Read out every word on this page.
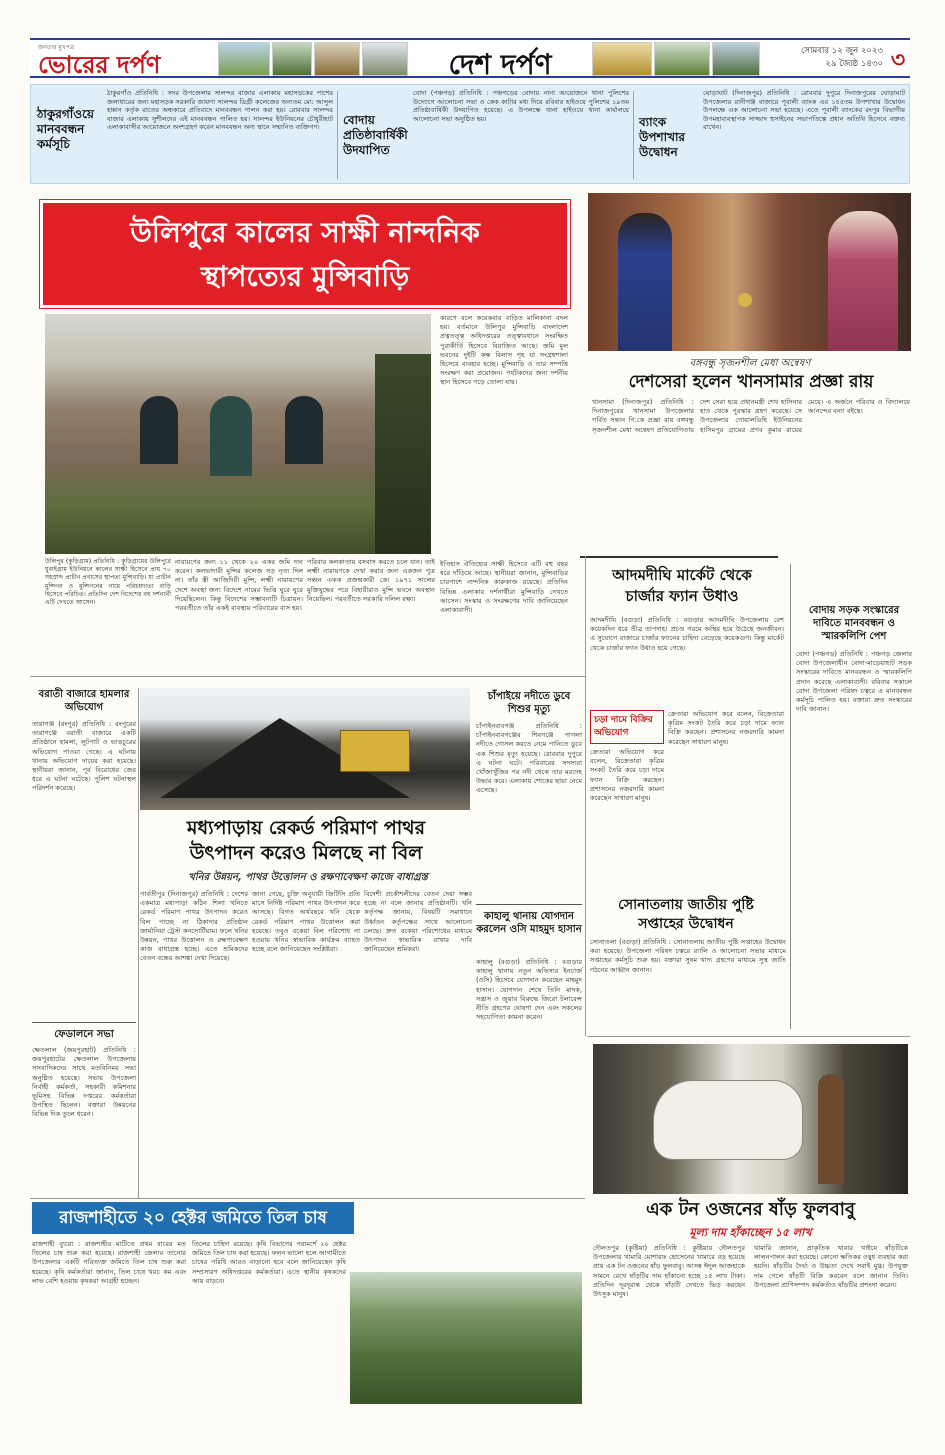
জনতার মুখপত্র
ভোরের দর্পণ	দেশ দর্পণ	সোমবার ১২ জুন ২০২৩
২৯ জ্যৈষ্ঠ ১৪৩০ ৩
ঠাকুরগাঁওয়ে মানববন্ধন কর্মসূচি
ঠাকুরগাঁও প্রতিনিধি : সদর উপজেলার সালন্দর বাজার এলাকায় মহাসড়কের পাশের জলাধারের জন্য মহাসড়ক সরকারি জায়গা সালন্দর ডিগ্রী কলেজের অন্যতম মো: আব্দুল হান্নান কর্তৃক রাতের অন্ধকারে প্রতিবাদে মানববন্ধন পালন করা হয়। রোববার সালন্দর বাজার এলাকায় সুশীলদের এই মানববন্ধন পালিত হয়। সালন্দর ইউনিয়নের চৌধুরীহাট এলাকাবাসীর আয়োজনে অংশগ্রহণ করেন মানববন্ধন অন্য স্থানে সম্মানিত ব্যক্তিগণ।
বোদায় প্রতিষ্ঠাবার্ষিকী উদযাপিত
বোদা (পঞ্চগড়) প্রতিনিধি : পঞ্চগড়ের বোদায় নানা আয়োজনে থানা পুলিশের উদ্যোগে আলোচনা সভা ও কেক কাটার মধ্য দিয়ে রবিবার হাইওয়ে পুলিশের ১৯তম প্রতিষ্ঠাবার্ষিকী উদযাপিত হয়েছে। এ উপলক্ষে থানা হাইওয়ে থানা কার্যালয়ে আলোচনা সভা অনুষ্ঠিত হয়।	ব্যাংক উপশাখার উদ্বোধন
ঘোড়াঘাট (দিনাজপুর) প্রতিনিধি : রোববার দুপুরে দিনাজপুরের ঘোড়াঘাট উপজেলার রানীগঞ্জ বাজারে পূবালী ব্যাংক এর ১৫৫তম উপশাখার উদ্বোধন উপলক্ষে এক আলোচনা সভা হয়েছে। এতে পূবালী ব্যাংকের রংপুর বিভাগীয় উপমহাব্যবস্থাপক সাজ্জাদ হুসাইনের সভাপতিত্বে প্রধান অতিথি হিসেবে বক্তব্য রাখেন।
উলিপুরে কালের সাক্ষী নান্দনিক
স্থাপত্যের মুন্সিবাড়ি
উলিপুর (কুড়িগ্রাম) প্রতিনিধি : কুড়িগ্রামের উলিপুরে যুবাইগ্রাম ইউনিয়নে কালের সাক্ষী হিসেবে প্রায় ৭০ সহস্রাব্দ প্রাচীন প্রবাসের স্থাপত্য মুন্সিবাড়ি। যা প্রাচীন মুন্সিগন ও মুন্সিগনের নামে পরিচয়দাতা বাড়ি হিসেবে পরিচিত। প্রতিদিন দেশ বিদেশের বহু দর্শনার্থী এটি দেখতে আসেন।
নারায়ণের জন্য ১১ থেকে ২০ একর জমি দান করেন। কলভাদারী মুন্সির কলেজ সড় নৃত্য দিল না। তাঁর স্ত্রী আজিদিরী মুন্সি, লক্ষ্মী নারায়ণের দেশে অবস্থা জন্য বিদেশে নামের ভিত্তি ঘুরে ঘুরে দিয়েছিলেন। কিন্তু বিদেশের সম্ভাবনাটি চিত্রায়ন। পরবর্তীতে তাঁর একই ব্যবস্থায় পরিবারের বাস হয়।
পরিবার কলকাতায় বসবাস করতে চলে যান। তাই লক্ষ্মী নারায়ণকে দেখা করার জন্য একজন পুত্র সন্তান একক প্রজন্মকারী কে। ১৯৭১ সালের মুক্তিযুদ্ধের পরে বিহারীরাও মুন্সি ভবনে অবস্থান নিয়েছিল। পরবর্তীতে সরকারি দলিল রক্ষা।
কারণে বলে কয়েকবার বাড়িত মালিকানা বদল হয়। বর্তমানে উলিপুর মুন্সিবাড়ি বাংলাদেশ প্রত্নতত্ত্ব অধিদপ্তরের তত্ত্বাবধানে সংরক্ষিত পুরাকীর্তি হিসেবে বিরাজিত আছে। জমি মুল ভবনের দুইটি কক্ষ বিলাস গৃহ যা সংগ্রহশালা হিসেবে ব্যবহার হচ্ছে। মুন্সিবাড়ি ও তার সম্পত্তি সংরক্ষণ করা প্রয়োজন। পর্যটকদের জন্য দর্শনীয় স্থান হিসেবে গড়ে তোলা যায়।
ইতিহাস ঐতিহ্যের সাক্ষী হিসেবে এটি বহু বছর ধরে দাঁড়িয়ে আছে। স্থানীয়রা জানান, মুন্সিবাড়ির চারপাশে নান্দনিক কারুকাজ রয়েছে। প্রতিদিন বিভিন্ন এলাকার দর্শনার্থীরা মুন্সিবাড়ি দেখতে আসেন। সংস্কার ও সংরক্ষণের দাবি জানিয়েছেন এলাকাবাসী।
বঙ্গবন্ধু সৃজনশীল মেধা অন্বেষণ
দেশসেরা হলেন খানসামার প্রজ্ঞা রায়
খানসামা (দিনাজপুর) প্রতিনিধি : দিনাজপুরের খানসামা উপজেলার গর্বিত সন্তান পি.কে প্রজ্ঞা রায় বঙ্গবন্ধু সৃজনশীল মেধা অন্বেষণ প্রতিযোগিতায় দেশ সেরা হয়ে প্রধানমন্ত্রী শেখ হাসিনার হাত থেকে পুরস্কার গ্রহণ করেছে। সে উপজেলার গোয়ালডিহি ইউনিয়নের হাসিমপুর গ্রামের প্রণব কুমার রায়ের মেয়ে। এ অর্জনে পরিবার ও বিদ্যালয়ে আনন্দের বন্যা বইছে।
আদমদীঘি মার্কেট থেকে
চার্জার ফ্যান উধাও
আদমদীঘি (বগুড়া) প্রতিনিধি : বগুড়ার আদমদীঘি উপজেলায় বেশ কয়েকদিন ধরে তীব্র তাপদাহ। প্রচণ্ড গরমে অস্থির হয়ে উঠেছে জনজীবন। এ সুযোগে বাজারে চার্জার ফ্যানের চাহিদা বেড়েছে কয়েকগুণ। কিন্তু মার্কেট থেকে চার্জার ফ্যান উধাও হয়ে গেছে।
চড়া দামে বিক্রির অভিযোগ
ক্রেতারা অভিযোগ করে বলেন, বিক্রেতারা কৃত্রিম সংকট তৈরি করে চড়া দামে ফ্যান বিক্রি করছেন। প্রশাসনের নজরদারি কামনা করেছেন সাধারণ মানুষ।
ক্রেতারা অভিযোগ করে বলেন, বিক্রেতারা কৃত্রিম সংকট তৈরি করে চড়া দামে ফ্যান বিক্রি করছেন। প্রশাসনের নজরদারি কামনা করেছেন সাধারণ মানুষ।
বোদায় সড়ক সংস্কারের দাবিতে মানববন্ধন ও স্মারকলিপি পেশ
বোদা (পঞ্চগড়) প্রতিনিধি : পঞ্চগড় জেলার বোদা উপজেলাধীন বোদা-মাড়েয়াহাট সড়ক সংস্কারের দাবিতে মানববন্ধন ও স্মারকলিপি প্রদান করেছে এলাকাবাসী। রবিবার সকালে বোদা উপজেলা পরিষদ চত্বরে এ মানববন্ধন কর্মসূচি পালিত হয়। বক্তারা দ্রুত সংস্কারের দাবি জানান।
বরাতী বাজারে হামলার অভিযোগ
তারাগঞ্জ (রংপুর) প্রতিনিধি : রংপুরের তারাগঞ্জে বরাতী বাজারে একটি প্রতিষ্ঠানে হামলা, লুটপাট ও ভাঙচুরের অভিযোগ পাওয়া গেছে। এ ঘটনায় থানায় অভিযোগ দায়ের করা হয়েছে। স্থানীয়রা জানান, পূর্ব বিরোধের জের ধরে এ ঘটনা ঘটেছে। পুলিশ ঘটনাস্থল পরিদর্শন করেছে।
ফেডালনে সভা
ক্ষেতলাল (জয়পুরহাট) প্রতিনিধি : জয়পুরহাটের ক্ষেতলাল উপজেলায় সাংবাদিকদের সাথে মতবিনিময় সভা অনুষ্ঠিত হয়েছে। সভায় উপজেলা নির্বাহী কর্মকর্তা, সহকারী কমিশনার ভূমিসহ বিভিন্ন দপ্তরের কর্মকর্তারা উপস্থিত ছিলেন। বক্তারা উন্নয়নের বিভিন্ন দিক তুলে ধরেন।
মধ্যপাড়ায় রেকর্ড পরিমাণ পাথর
উৎপাদন করেও মিলছে না বিল
খনির উন্নয়ন, পাথর উত্তোলন ও রক্ষণাবেক্ষণ কাজে বাধাগ্রস্ত
পার্বতীপুর (দিনাজপুর) প্রতিনিধি : দেশের একমাত্র মধ্যপাড়া কঠিন শিলা খনিতে রেকর্ড পরিমাণ পাথর উৎপাদন করেও বিল পাচ্ছে না ঠিকাদার প্রতিষ্ঠান জার্মানিয়া ট্রেস্ট কনসোর্টিয়াম। ফলে খনির উন্নয়ন, পাথর উত্তোলন ও রক্ষণাবেক্ষণ কাজ বাধাগ্রস্ত হচ্ছে। এতে শ্রমিকদের বেতন বন্ধের আশঙ্কা দেখা দিয়েছে।
জানা গেছে, চুক্তি অনুযায়ী জিটিসি প্রতি মাসে নির্দিষ্ট পরিমাণ পাথর উৎপাদন করে আসছে। বিগত অর্থবছরে খনি থেকে রেকর্ড পরিমাণ পাথর উত্তোলন করা হয়েছে। তবুও বকেয়া বিল পরিশোধ না হওয়ায় খনির স্বাভাবিক কার্যক্রম ব্যাহত হচ্ছে বলে জানিয়েছেন সংশ্লিষ্টরা।
বিদেশী প্রকৌশলীদের বেতন দেয়া সম্ভব হচ্ছে না বলে জানায় প্রতিষ্ঠানটি। খনি কর্তৃপক্ষ জানায়, বিষয়টি সমাধানে উর্ধ্বতন কর্তৃপক্ষের সাথে আলোচনা চলছে। দ্রুত বকেয়া পরিশোধের মাধ্যমে উৎপাদন স্বাভাবিক রাখার দাবি জানিয়েছেন শ্রমিকরা।
চাঁপাইয়ে নদীতে ডুবে শিশুর মৃত্যু
চাঁপাইনবাবগঞ্জ প্রতিনিধি : চাঁপাইনবাবগঞ্জের শিবগঞ্জে পাগলা নদীতে গোসল করতে নেমে পানিতে ডুবে এক শিশুর মৃত্যু হয়েছে। রোববার দুপুরে এ ঘটনা ঘটে। পরিবারের সদস্যরা খোঁজাখুঁজির পর নদী থেকে তার মরদেহ উদ্ধার করে। এলাকায় শোকের ছায়া নেমে এসেছে।
কাহালু থানায় যোগদান করলেন ওসি মাহমুদ হাসান
কাহালু (বগুড়া) প্রতিনিধি : বগুড়ার কাহালু থানায় নতুন অফিসার ইনচার্জ (ওসি) হিসেবে যোগদান করেছেন মাহমুদ হাসান। যোগদান শেষে তিনি মাদক, সন্ত্রাস ও জুয়ার বিরুদ্ধে জিরো টলারেন্স নীতি গ্রহণের ঘোষণা দেন এবং সকলের সহযোগিতা কামনা করেন।
সোনাতলায় জাতীয় পুষ্টি
সপ্তাহের উদ্বোধন
সোনাতলা (বগুড়া) প্রতিনিধি : সোনাতলায় জাতীয় পুষ্টি সপ্তাহের উদ্বোধন করা হয়েছে। উপজেলা পরিষদ চত্বরে র‍্যালি ও আলোচনা সভার মাধ্যমে সপ্তাহের কর্মসূচি শুরু হয়। বক্তারা সুষম খাদ্য গ্রহণের মাধ্যমে সুস্থ জাতি গঠনের আহ্বান জানান।
এক টন ওজনের ষাঁড় ফুলবাবু
মূল্য দাম হাঁকাচ্ছেন ১৫ লাখ
দৌলতপুর (কুষ্টিয়া) প্রতিনিধি : কুষ্টিয়ার দৌলতপুর উপজেলার খামারি মোশারফ হোসেনের খামারে বড় হয়েছে প্রায় এক টন ওজনের ষাঁড় ফুলবাবু। আসন্ন ঈদুল আজহাকে সামনে রেখে ষাঁড়টির দাম হাঁকানো হচ্ছে ১৫ লাখ টাকা। প্রতিদিন দূরদূরান্ত থেকে ষাঁড়টি দেখতে ভিড় করছেন উৎসুক মানুষ।
খামারি জানান, প্রাকৃতিক খাবার খাইয়ে ষাঁড়টিকে লালনপালন করা হয়েছে। কোনো ক্ষতিকর ওষুধ ব্যবহার করা হয়নি। ষাঁড়টির দৈর্ঘ্য ও উচ্চতা দেখে সবাই মুগ্ধ। উপযুক্ত দাম পেলে ষাঁড়টি বিক্রি করবেন বলে জানান তিনি। উপজেলা প্রাণিসম্পদ কর্মকর্তাও ষাঁড়টির প্রশংসা করেন।
রাজশাহীতে ২০ হেক্টর জমিতে তিল চাষ
রাজশাহী ব্যুরো : রাজশাহীর মাটিতে প্রথম বারের মত তিলের চাষ শুরু করা হয়েছে। রাজশাহী জেলার তানোর উপজেলার একটি পরিত্যক্ত জমিতে তিল চাষ শুরু করা হয়েছে। কৃষি কর্মকর্তারা জানান, তিল চাষে খরচ কম এবং লাভ বেশি হওয়ায় কৃষকরা আগ্রহী হচ্ছেন।
তিলের চাহিদা রয়েছে। কৃষি বিভাগের পরামর্শে ২০ হেক্টর জমিতে তিল চাষ করা হয়েছে। ফলন ভালো হলে আগামীতে চাষের পরিধি আরও বাড়ানো হবে বলে জানিয়েছেন কৃষি সম্প্রসারণ অধিদপ্তরের কর্মকর্তারা। এতে স্থানীয় কৃষকদের আয় বাড়বে।
